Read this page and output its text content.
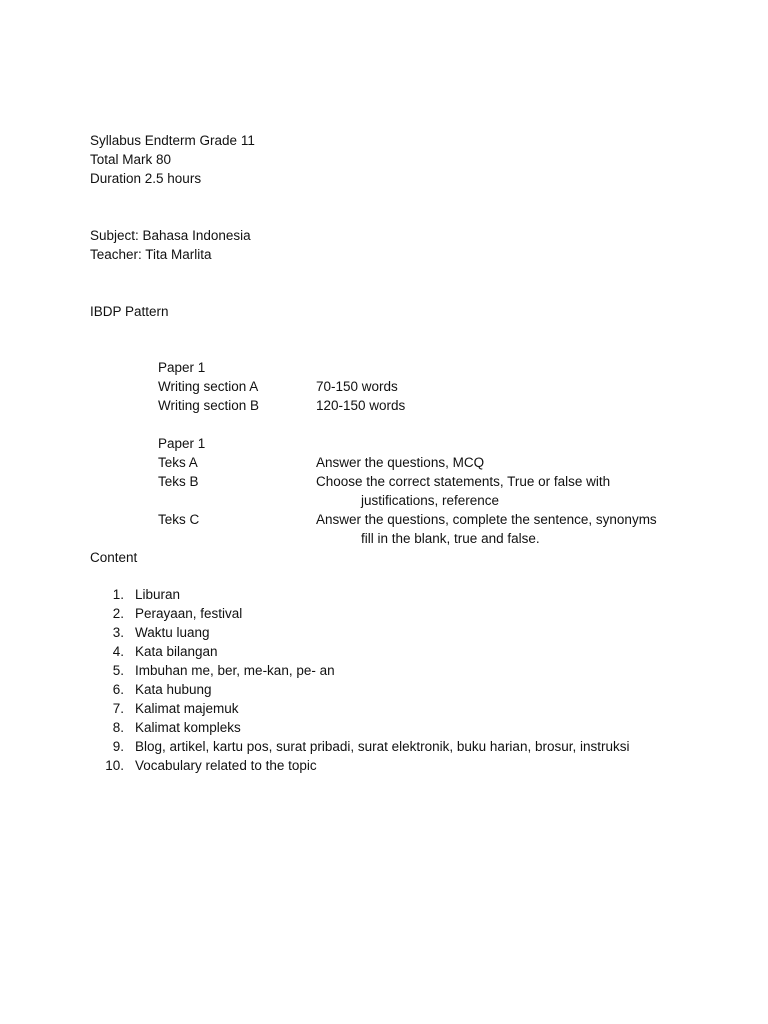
Syllabus Endterm Grade 11
Total Mark 80
Duration 2.5 hours
Subject: Bahasa Indonesia
Teacher: Tita Marlita
IBDP Pattern
Paper 1
Writing section A	70-150 words
Writing section B	120-150 words
Paper 1
Teks A	Answer the questions, MCQ
Teks B	Choose the correct statements, True or false with
justifications, reference
Teks C	Answer the questions, complete the sentence, synonyms
fill in the blank, true and false.
Content
1. Liburan
2. Perayaan, festival
3. Waktu luang
4. Kata bilangan
5. Imbuhan me, ber, me-kan, pe- an
6. Kata hubung
7. Kalimat majemuk
8. Kalimat kompleks
9. Blog, artikel, kartu pos, surat pribadi, surat elektronik, buku harian, brosur, instruksi
10. Vocabulary related to the topic
